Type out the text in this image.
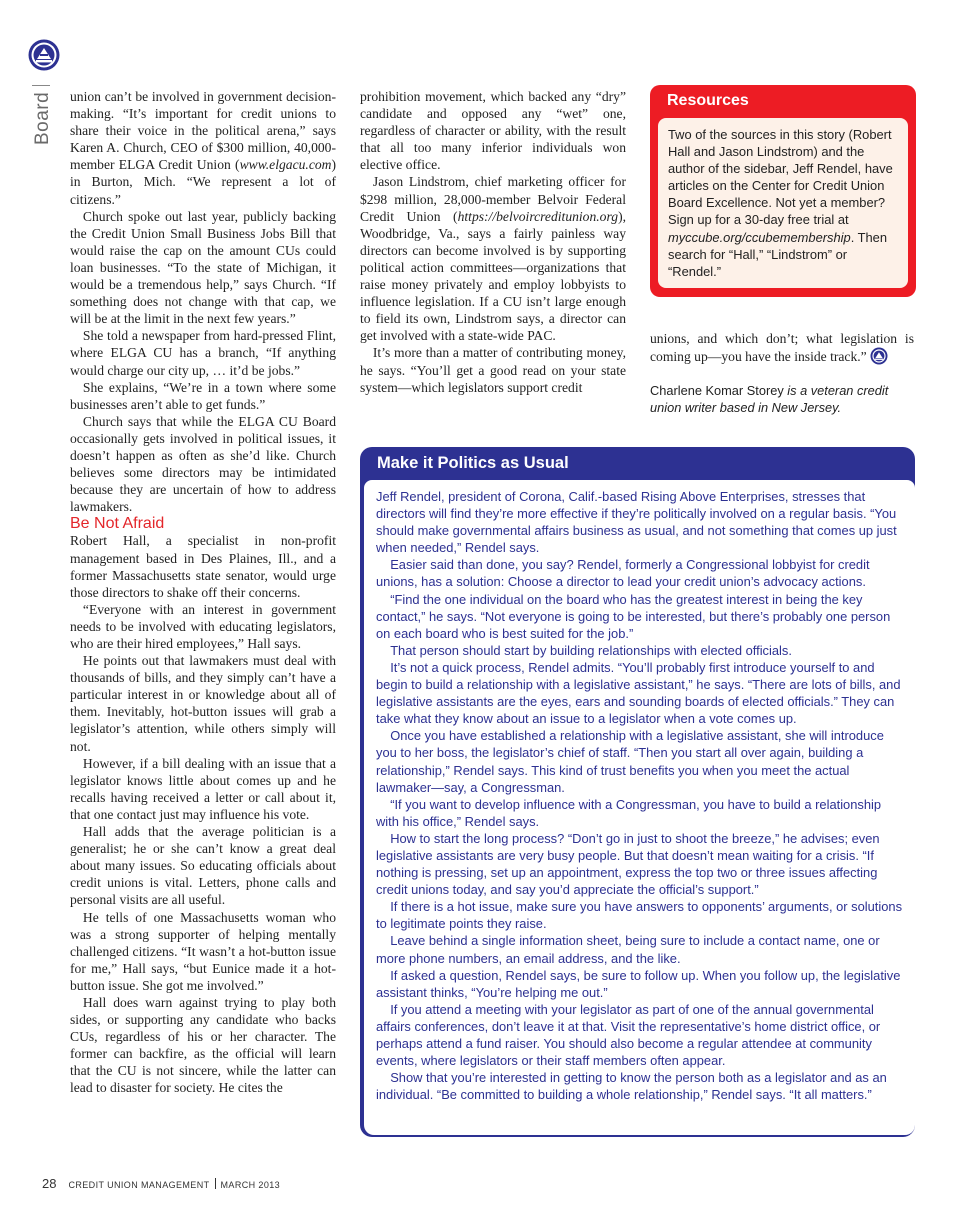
Board union can’t be involved in government decision-making. “It’s important for credit unions to share their voice in the political arena,” says Karen A. Church, CEO of $300 million, 40,000-member ELGA Credit Union (www.elgacu.com) in Burton, Mich. “We represent a lot of citizens.”

Church spoke out last year, publicly backing the Credit Union Small Business Jobs Bill that would raise the cap on the amount CUs could loan businesses. “To the state of Michigan, it would be a tremendous help,” says Church. “If something does not change with that cap, we will be at the limit in the next few years.”

She told a newspaper from hard-pressed Flint, where ELGA CU has a branch, “If anything would charge our city up, … it’d be jobs.”

She explains, “We’re in a town where some businesses aren’t able to get funds.”

Church says that while the ELGA CU Board occasionally gets involved in political issues, it doesn’t happen as often as she’d like. Church believes some directors may be intimidated because they are uncertain of how to address lawmakers.

Be Not Afraid

Robert Hall, a specialist in non-profit management based in Des Plaines, Ill., and a former Massachusetts state senator, would urge those directors to shake off their concerns.

“Everyone with an interest in government needs to be involved with educating legislators, who are their hired employees,” Hall says.

He points out that lawmakers must deal with thousands of bills, and they simply can’t have a particular interest in or knowledge about all of them. Inevitably, hot-button issues will grab a legislator’s attention, while others simply will not.

However, if a bill dealing with an issue that a legislator knows little about comes up and he recalls having received a letter or call about it, that one contact just may influence his vote.

Hall adds that the average politician is a generalist; he or she can’t know a great deal about many issues. So educating officials about credit unions is vital. Letters, phone calls and personal visits are all useful.

He tells of one Massachusetts woman who was a strong supporter of helping mentally challenged citizens. “It wasn’t a hot-button issue for me,” Hall says, “but Eunice made it a hot-button issue. She got me involved.”

Hall does warn against trying to play both sides, or supporting any candidate who backs CUs, regardless of his or her character. The former can backfire, as the official will learn that the CU is not sincere, while the latter can lead to disaster for society. He cites the

prohibition movement, which backed any “dry” candidate and opposed any “wet” one, regardless of character or ability, with the result that all too many inferior individuals won elective office.

Jason Lindstrom, chief marketing officer for $298 million, 28,000-member Belvoir Federal Credit Union (https://belvoircreditunion.org), Woodbridge, Va., says a fairly painless way directors can become involved is by supporting political action committees—organizations that raise money privately and employ lobbyists to influence legislation. If a CU isn’t large enough to field its own, Lindstrom says, a director can get involved with a state-wide PAC.

It’s more than a matter of contributing money, he says. “You’ll get a good read on your state system—which legislators support credit

Resources
Two of the sources in this story (Robert Hall and Jason Lindstrom) and the author of the sidebar, Jeff Rendel, have articles on the Center for Credit Union Board Excellence. Not yet a member? Sign up for a 30-day free trial at myccube.org/ccubemembership. Then search for “Hall,” “Lindstrom” or “Rendel.”

unions, and which don’t; what legislation is coming up—you have the inside track.”

Charlene Komar Storey is a veteran credit union writer based in New Jersey.

Make it Politics as Usual

Jeff Rendel, president of Corona, Calif.-based Rising Above Enterprises, stresses that directors will find they’re more effective if they’re politically involved on a regular basis. “You should make governmental affairs business as usual, and not something that comes up just when needed,” Rendel says.

Easier said than done, you say? Rendel, formerly a Congressional lobbyist for credit unions, has a solution: Choose a director to lead your credit union’s advocacy actions.

“Find the one individual on the board who has the greatest interest in being the key contact,” he says. “Not everyone is going to be interested, but there’s probably one person on each board who is best suited for the job.”

That person should start by building relationships with elected officials.

It’s not a quick process, Rendel admits. “You’ll probably first introduce yourself to and begin to build a relationship with a legislative assistant,” he says. “There are lots of bills, and legislative assistants are the eyes, ears and sounding boards of elected officials.” They can take what they know about an issue to a legislator when a vote comes up.

Once you have established a relationship with a legislative assistant, she will introduce you to her boss, the legislator’s chief of staff. “Then you start all over again, building a relationship,” Rendel says. This kind of trust benefits you when you meet the actual lawmaker—say, a Congressman.

“If you want to develop influence with a Congressman, you have to build a relationship with his office,” Rendel says.

How to start the long process? “Don’t go in just to shoot the breeze,” he advises; even legislative assistants are very busy people. But that doesn’t mean waiting for a crisis. “If nothing is pressing, set up an appointment, express the top two or three issues affecting credit unions today, and say you’d appreciate the official’s support.”

If there is a hot issue, make sure you have answers to opponents’ arguments, or solutions to legitimate points they raise.

Leave behind a single information sheet, being sure to include a contact name, one or more phone numbers, an email address, and the like.

If asked a question, Rendel says, be sure to follow up. When you follow up, the legislative assistant thinks, “You’re helping me out.”

If you attend a meeting with your legislator as part of one of the annual governmental affairs conferences, don’t leave it at that. Visit the representative’s home district office, or perhaps attend a fund raiser. You should also become a regular attendee at community events, where legislators or their staff members often appear.

Show that you’re interested in getting to know the person both as a legislator and as an individual. “Be committed to building a whole relationship,” Rendel says. “It all matters.”

28 CREDIT UNION MANAGEMENT MARCH 2013
